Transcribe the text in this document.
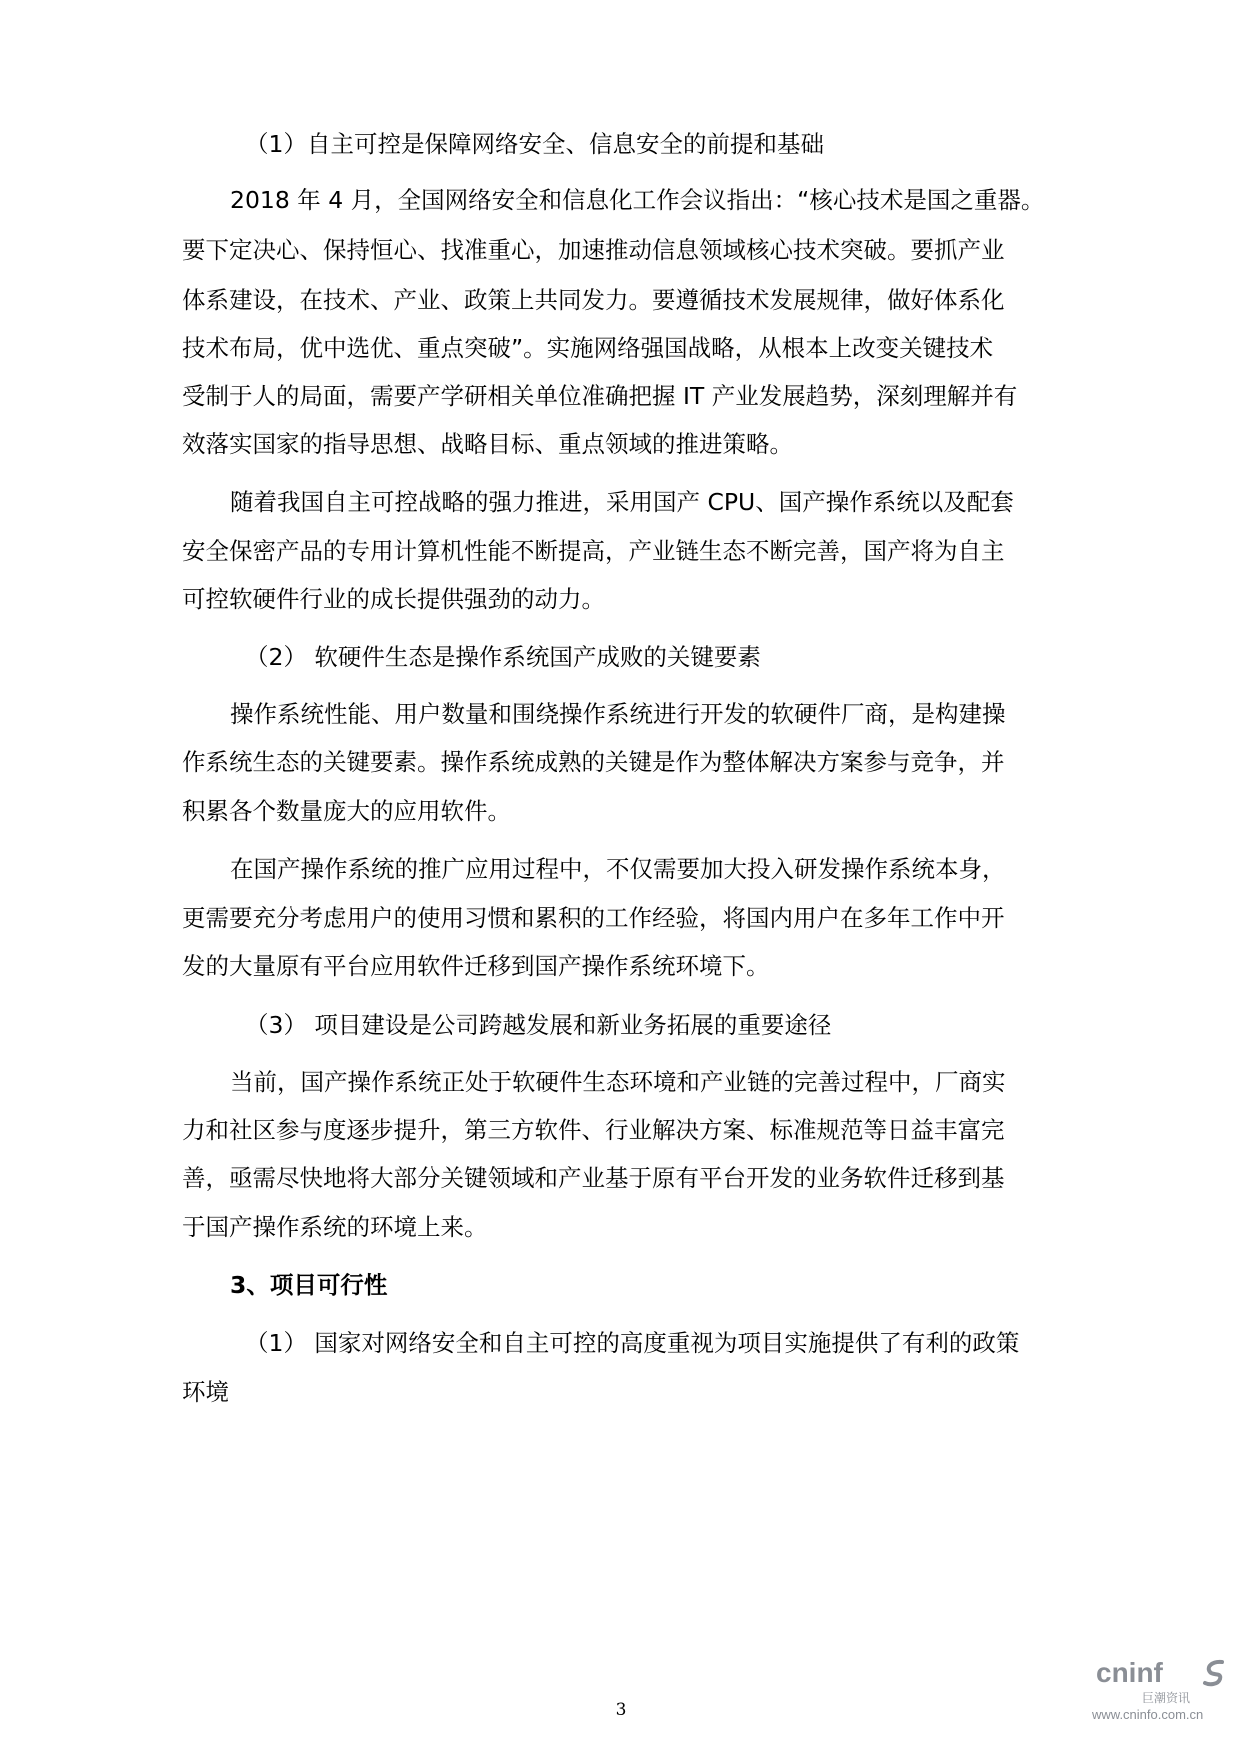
（1）自主可控是保障网络安全、信息安全的前提和基础

2018 年 4 月，全国网络安全和信息化工作会议指出：“核心技术是国之重器。

要下定决心、保持恒心、找准重心，加速推动信息领域核心技术突破。要抓产业

体系建设，在技术、产业、政策上共同发力。要遵循技术发展规律，做好体系化

技术布局，优中选优、重点突破”。实施网络强国战略，从根本上改变关键技术

受制于人的局面，需要产学研相关单位准确把握 IT 产业发展趋势，深刻理解并有

效落实国家的指导思想、战略目标、重点领域的推进策略。

随着我国自主可控战略的强力推进，采用国产 CPU、国产操作系统以及配套

安全保密产品的专用计算机性能不断提高，产业链生态不断完善，国产将为自主

可控软硬件行业的成长提供强劲的动力。

（2） 软硬件生态是操作系统国产成败的关键要素

操作系统性能、用户数量和围绕操作系统进行开发的软硬件厂商，是构建操

作系统生态的关键要素。操作系统成熟的关键是作为整体解决方案参与竞争，并

积累各个数量庞大的应用软件。

在国产操作系统的推广应用过程中，不仅需要加大投入研发操作系统本身，

更需要充分考虑用户的使用习惯和累积的工作经验，将国内用户在多年工作中开

发的大量原有平台应用软件迁移到国产操作系统环境下。

（3） 项目建设是公司跨越发展和新业务拓展的重要途径

当前，国产操作系统正处于软硬件生态环境和产业链的完善过程中，厂商实

力和社区参与度逐步提升，第三方软件、行业解决方案、标准规范等日益丰富完

善，亟需尽快地将大部分关键领域和产业基于原有平台开发的业务软件迁移到基

于国产操作系统的环境上来。

3、项目可行性

（1） 国家对网络安全和自主可控的高度重视为项目实施提供了有利的政策

环境

3
cninf
巨潮资讯
www.cninfo.com.cn
